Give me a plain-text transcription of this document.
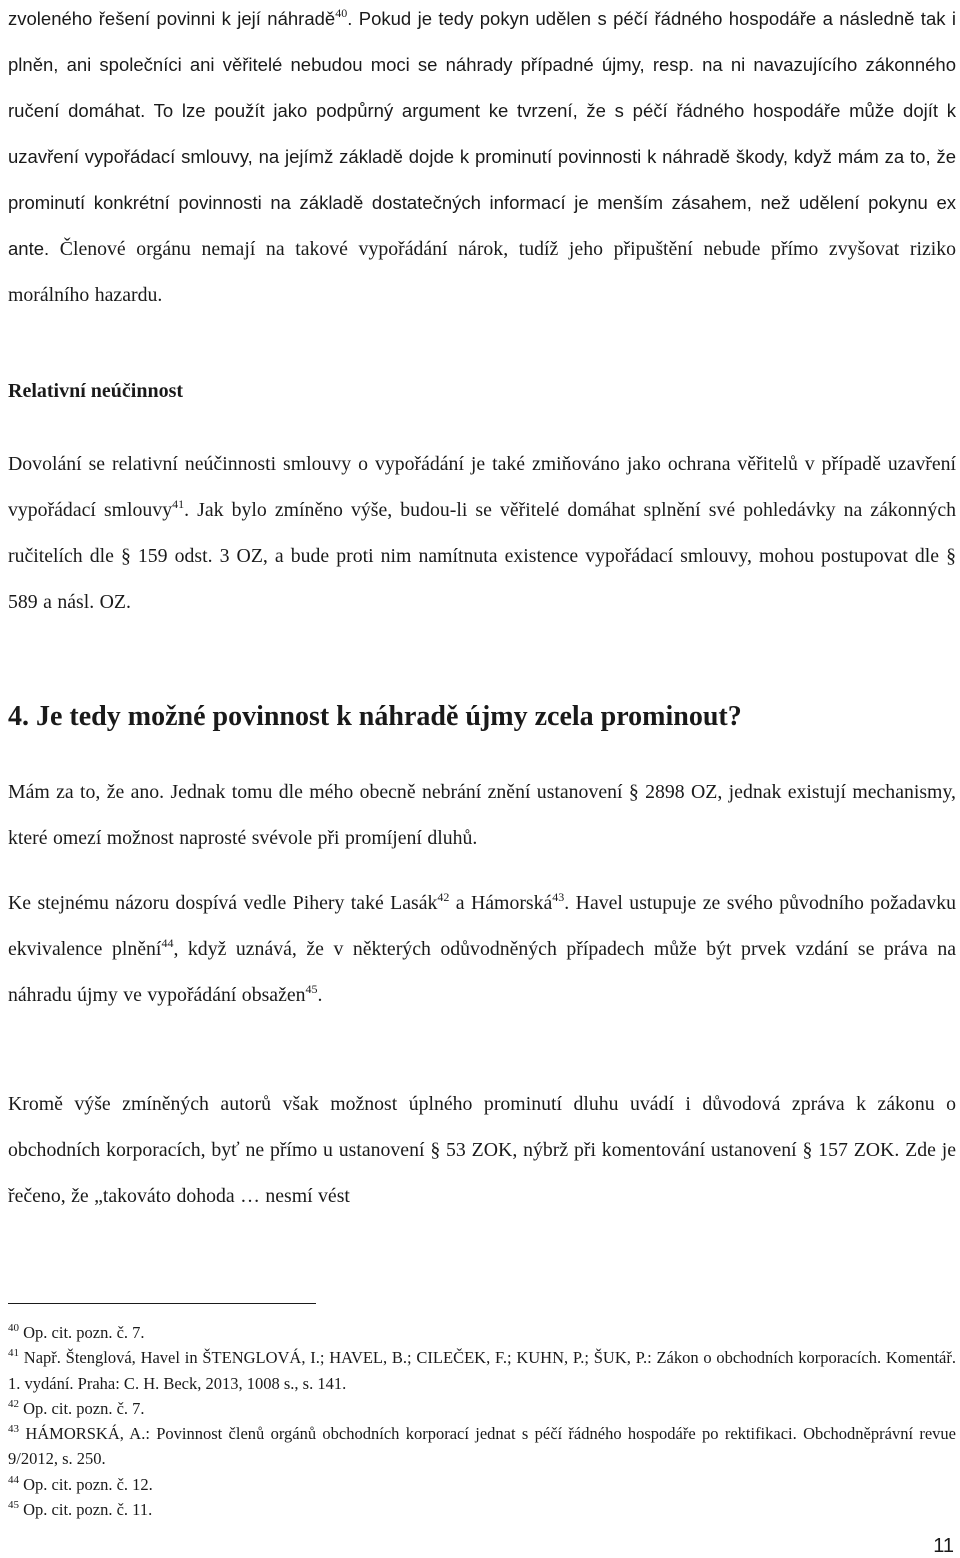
zvoleného řešení povinni k její náhradě$^{40}$. Pokud je tedy pokyn udělen s péčí řádného hospodáře a následně tak i plněn, ani společníci ani věřitelé nebudou moci se náhrady případné újmy, resp. na ni navazujícího zákonného ručení domáhat. To lze použít jako podpůrný argument ke tvrzení, že s péčí řádného hospodáře může dojít k uzavření vypořádací smlouvy, na jejímž základě dojde k prominutí povinnosti k náhradě škody, když mám za to, že prominutí konkrétní povinnosti na základě dostatečných informací je menším zásahem, než udělení pokynu ex ante. Členové orgánu nemají na takové vypořádání nárok, tudíž jeho připuštění nebude přímo zvyšovat riziko morálního hazardu.

Relativní neúčinnost

Dovolání se relativní neúčinnosti smlouvy o vypořádání je také zmiňováno jako ochrana věřitelů v případě uzavření vypořádací smlouvy$^{41}$. Jak bylo zmíněno výše, budou-li se věřitelé domáhat splnění své pohledávky na zákonných ručitelích dle § 159 odst. 3 OZ, a bude proti nim namítnuta existence vypořádací smlouvy, mohou postupovat dle § 589 a násl. OZ.

4. Je tedy možné povinnost k náhradě újmy zcela prominout?

Mám za to, že ano. Jednak tomu dle mého obecně nebrání znění ustanovení § 2898 OZ, jednak existují mechanismy, které omezí možnost naprosté svévole při promíjení dluhů.

Ke stejnému názoru dospívá vedle Pihery také Lasák$^{42}$ a Hámorská$^{43}$. Havel ustupuje ze svého původního požadavku ekvivalence plnění$^{44}$, když uznává, že v některých odůvodněných případech může být prvek vzdání se práva na náhradu újmy ve vypořádání obsažen$^{45}$.

Kromě výše zmíněných autorů však možnost úplného prominutí dluhu uvádí i důvodová zpráva k zákonu o obchodních korporacích, byť ne přímo u ustanovení § 53 ZOK, nýbrž při komentování ustanovení § 157 ZOK. Zde je řečeno, že „takováto dohoda … nesmí vést

$^{40}$ Op. cit. pozn. č. 7.

$^{41}$ Např. Štenglová, Havel in ŠTENGLOVÁ, I.; HAVEL, B.; CILEČEK, F.; KUHN, P.; ŠUK, P.: Zákon o obchodních korporacích. Komentář. 1. vydání. Praha: C. H. Beck, 2013, 1008 s., s. 141.

$^{42}$ Op. cit. pozn. č. 7.

$^{43}$ HÁMORSKÁ, A.: Povinnost členů orgánů obchodních korporací jednat s péčí řádného hospodáře po rektifikaci. Obchodněprávní revue 9/2012, s. 250.

$^{44}$ Op. cit. pozn. č. 12.

$^{45}$ Op. cit. pozn. č. 11.

11
